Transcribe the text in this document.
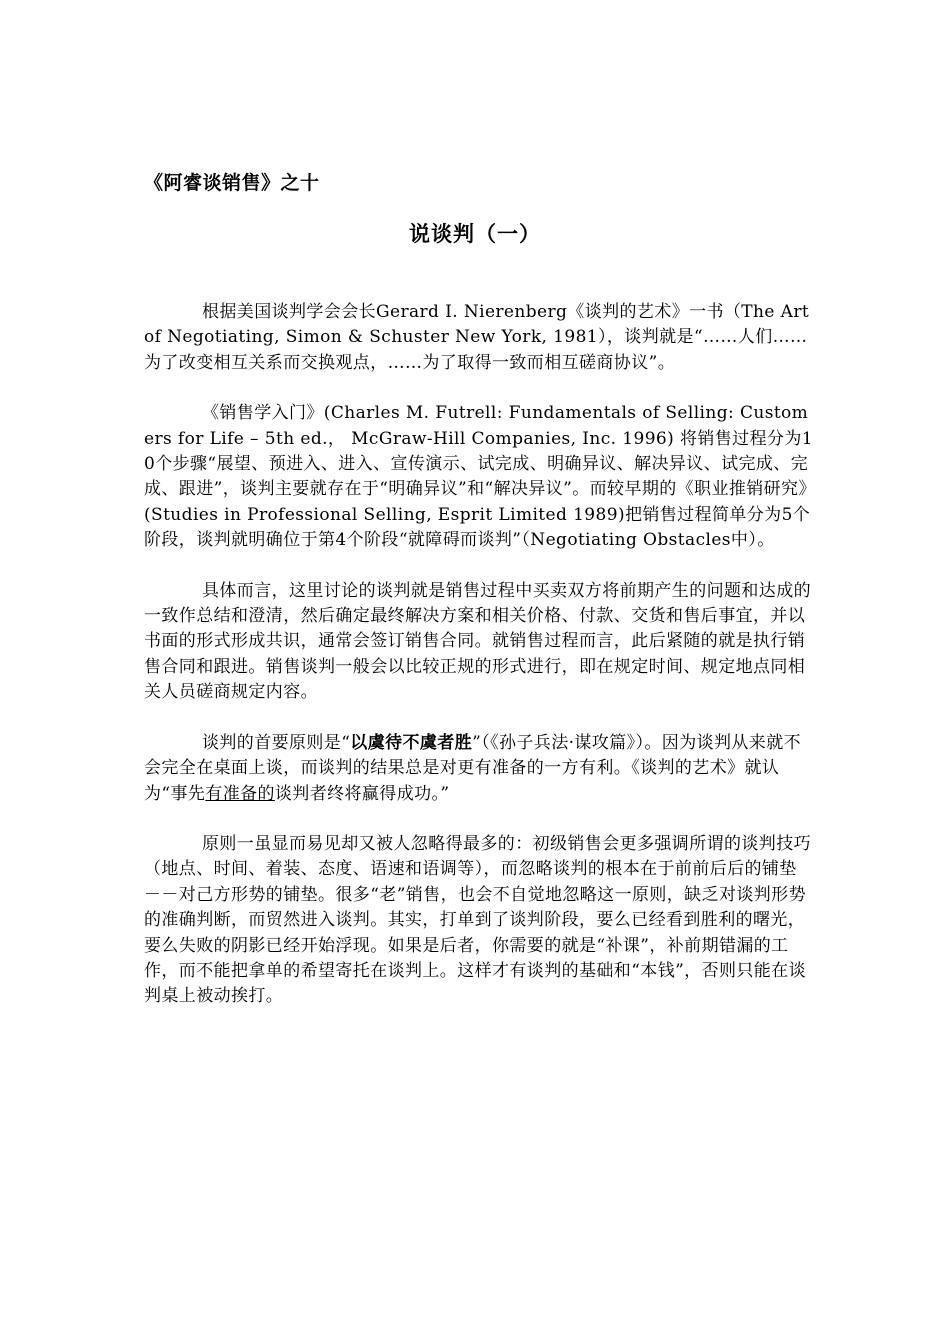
《阿睿谈销售》之十
说谈判（一）

根据美国谈判学会会长Gerard I. Nierenberg《谈判的艺术》一书（The Art of Negotiating, Simon & Schuster New York, 1981），谈判就是“……人们……为了改变相互关系而交换观点，……为了取得一致而相互磋商协议”。

《销售学入门》(Charles M. Futrell: Fundamentals of Selling: Customers for Life – 5th ed.， McGraw-Hill Companies, Inc. 1996) 将销售过程分为10个步骤“展望、预进入、进入、宣传演示、试完成、明确异议、解决异议、试完成、完成、跟进”，谈判主要就存在于“明确异议”和“解决异议”。而较早期的《职业推销研究》(Studies in Professional Selling, Esprit Limited 1989)把销售过程简单分为5个阶段，谈判就明确位于第4个阶段“就障碍而谈判”（Negotiating Obstacles中）。

具体而言，这里讨论的谈判就是销售过程中买卖双方将前期产生的问题和达成的一致作总结和澄清，然后确定最终解决方案和相关价格、付款、交货和售后事宜，并以书面的形式形成共识，通常会签订销售合同。就销售过程而言，此后紧随的就是执行销售合同和跟进。销售谈判一般会以比较正规的形式进行，即在规定时间、规定地点同相关人员磋商规定内容。

谈判的首要原则是“以虞待不虞者胜”（《孙子兵法·谋攻篇》）。因为谈判从来就不会完全在桌面上谈，而谈判的结果总是对更有准备的一方有利。《谈判的艺术》就认为“事先有准备的谈判者终将赢得成功。”

原则一虽显而易见却又被人忽略得最多的：初级销售会更多强调所谓的谈判技巧（地点、时间、着装、态度、语速和语调等），而忽略谈判的根本在于前前后后的铺垫－－对己方形势的铺垫。很多“老”销售，也会不自觉地忽略这一原则，缺乏对谈判形势的准确判断，而贸然进入谈判。其实，打单到了谈判阶段，要么已经看到胜利的曙光，要么失败的阴影已经开始浮现。如果是后者，你需要的就是“补课”，补前期错漏的工作，而不能把拿单的希望寄托在谈判上。这样才有谈判的基础和“本钱”，否则只能在谈判桌上被动挨打。
